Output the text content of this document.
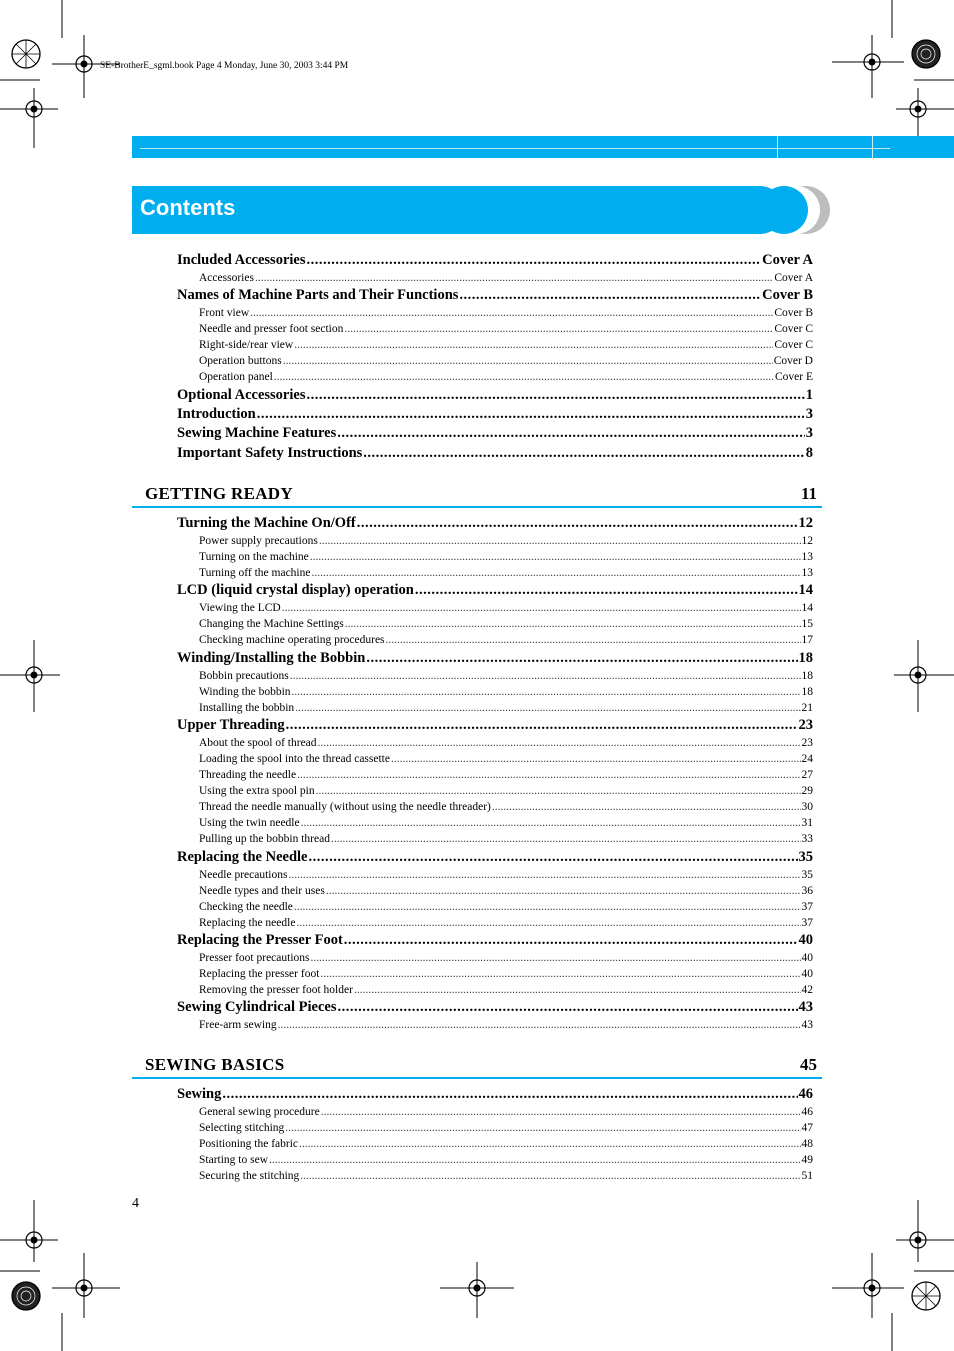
SE-BrotherE_sgml.book Page 4 Monday, June 30, 2003 3:44 PM
Contents
Included Accessories .....	Cover A
Accessories .....	Cover A
Names of Machine Parts and Their Functions .....	Cover B
Front view .....	Cover B
Needle and presser foot section .....	Cover C
Right-side/rear view .....	Cover C
Operation buttons .....	Cover D
Operation panel .....	Cover E
Optional Accessories .....	1
Introduction .....	3
Sewing Machine Features .....	3
Important Safety Instructions .....	8
GETTING READY	11
Turning the Machine On/Off .....	12
Power supply precautions .....	12
Turning on the machine .....	13
Turning off the machine .....	13
LCD (liquid crystal display) operation .....	14
Viewing the LCD .....	14
Changing the Machine Settings .....	15
Checking machine operating procedures .....	17
Winding/Installing the Bobbin .....	18
Bobbin precautions .....	18
Winding the bobbin .....	18
Installing the bobbin .....	21
Upper Threading .....	23
About the spool of thread .....	23
Loading the spool into the thread cassette .....	24
Threading the needle .....	27
Using the extra spool pin .....	29
Thread the needle manually (without using the needle threader) .....	30
Using the twin needle .....	31
Pulling up the bobbin thread .....	33
Replacing the Needle .....	35
Needle precautions .....	35
Needle types and their uses .....	36
Checking the needle .....	37
Replacing the needle .....	37
Replacing the Presser Foot .....	40
Presser foot precautions .....	40
Replacing the presser foot .....	40
Removing the presser foot holder .....	42
Sewing Cylindrical Pieces .....	43
Free-arm sewing .....	43
SEWING BASICS	45
Sewing .....	46
General sewing procedure .....	46
Selecting stitching .....	47
Positioning the fabric .....	48
Starting to sew .....	49
Securing the stitching .....	51
4
